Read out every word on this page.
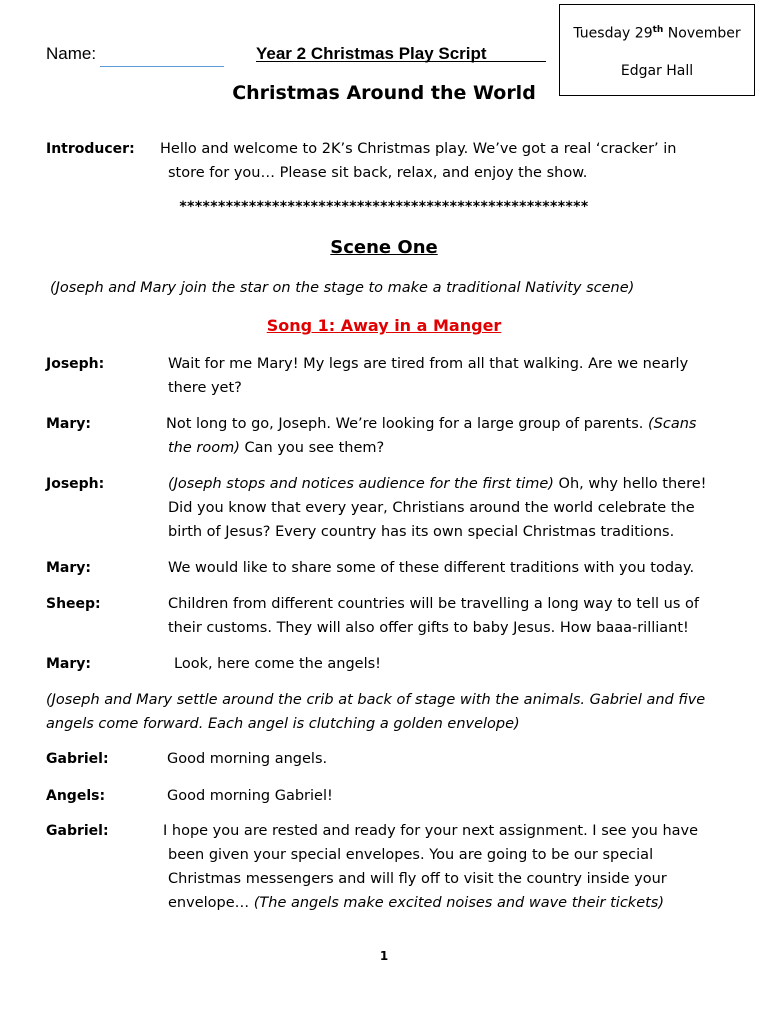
Tuesday 29th November
Edgar Hall
Name:	Year 2 Christmas Play Script
Christmas Around the World
Introducer: Hello and welcome to 2K’s Christmas play. We’ve got a real ‘cracker’ in
store for you… Please sit back, relax, and enjoy the show.
*****************************************************
Scene One
(Joseph and Mary join the star on the stage to make a traditional Nativity scene)
Song 1: Away in a Manger
Joseph:	Wait for me Mary! My legs are tired from all that walking. Are we nearly
there yet?
Mary:	Not long to go, Joseph. We’re looking for a large group of parents. (Scans
the room) Can you see them?
Joseph:	(Joseph stops and notices audience for the first time) Oh, why hello there!
Did you know that every year, Christians around the world celebrate the
birth of Jesus? Every country has its own special Christmas traditions.
Mary:	We would like to share some of these different traditions with you today.
Sheep:	Children from different countries will be travelling a long way to tell us of
their customs. They will also offer gifts to baby Jesus. How baaa-rilliant!
Mary:	Look, here come the angels!
(Joseph and Mary settle around the crib at back of stage with the animals. Gabriel and five
angels come forward. Each angel is clutching a golden envelope)
Gabriel:	Good morning angels.
Angels:	Good morning Gabriel!
Gabriel:	I hope you are rested and ready for your next assignment. I see you have
been given your special envelopes. You are going to be our special
Christmas messengers and will fly off to visit the country inside your
envelope… (The angels make excited noises and wave their tickets)
1
